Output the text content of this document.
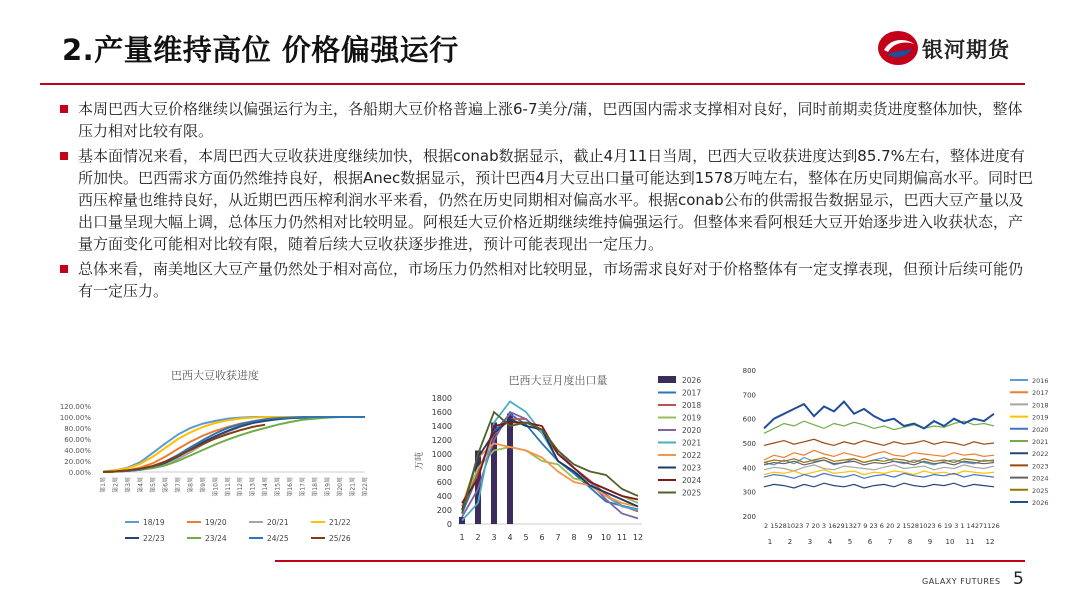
2.产量维持高位 价格偏强运行	银河期货
本周巴西大豆价格继续以偏强运行为主，各船期大豆价格普遍上涨6-7美分/蒲，巴西国内需求支撑相对良好，同时前期卖货进度整体加快，整体压力相对比较有限。
基本面情况来看，本周巴西大豆收获进度继续加快，根据conab数据显示，截止4月11日当周，巴西大豆收获进度达到85.7%左右，整体进度有所加快。巴西需求方面仍然维持良好，根据Anec数据显示，预计巴西4月大豆出口量可能达到1578万吨左右，整体在历史同期偏高水平。同时巴西压榨量也维持良好，从近期巴西压榨利润水平来看，仍然在历史同期相对偏高水平。根据conab公布的供需报告数据显示，巴西大豆产量以及出口量呈现大幅上调，总体压力仍然相对比较明显。阿根廷大豆价格近期继续维持偏强运行。但整体来看阿根廷大豆开始逐步进入收获状态，产量方面变化可能相对比较有限，随着后续大豆收获逐步推进，预计可能表现出一定压力。
总体来看，南美地区大豆产量仍然处于相对高位，市场压力仍然相对比较明显，市场需求良好对于价格整体有一定支撑表现，但预计后续可能仍有一定压力。
巴西大豆收获进度
0.00%
20.00%
40.00%
60.00%
80.00%
100.00%
120.00%
第1周 第2周 第3周 第4周 第5周 第6周 第7周 第8周 第9周 第10周 第11周 第12周 第13周 第14周 第15周 第16周 第17周 第18周 第19周 第20周 第21周 第22周
18/19	19/20	20/21	21/22
22/23	23/24	24/25	25/26
巴西大豆月度出口量
万吨
0
200
400
600
800
1000
1200
1400
1600
1800
1 2 3 4 5 6 7 8 9 10 11 12
2026
2017
2018
2019
2020
2021
2022
2023
2024
2025
200
300
400
500
600
700
800
2 15281023 7 20 3 16291327 9 23 6 20 2 15281023 6 19 3 1 14271126
1 2 3 4 5 6 7 8 9 10 11 12
2016
2017
2018
2019
2020
2021
2022
2023
2024
2025
2026
GALAXY FUTURES 5
